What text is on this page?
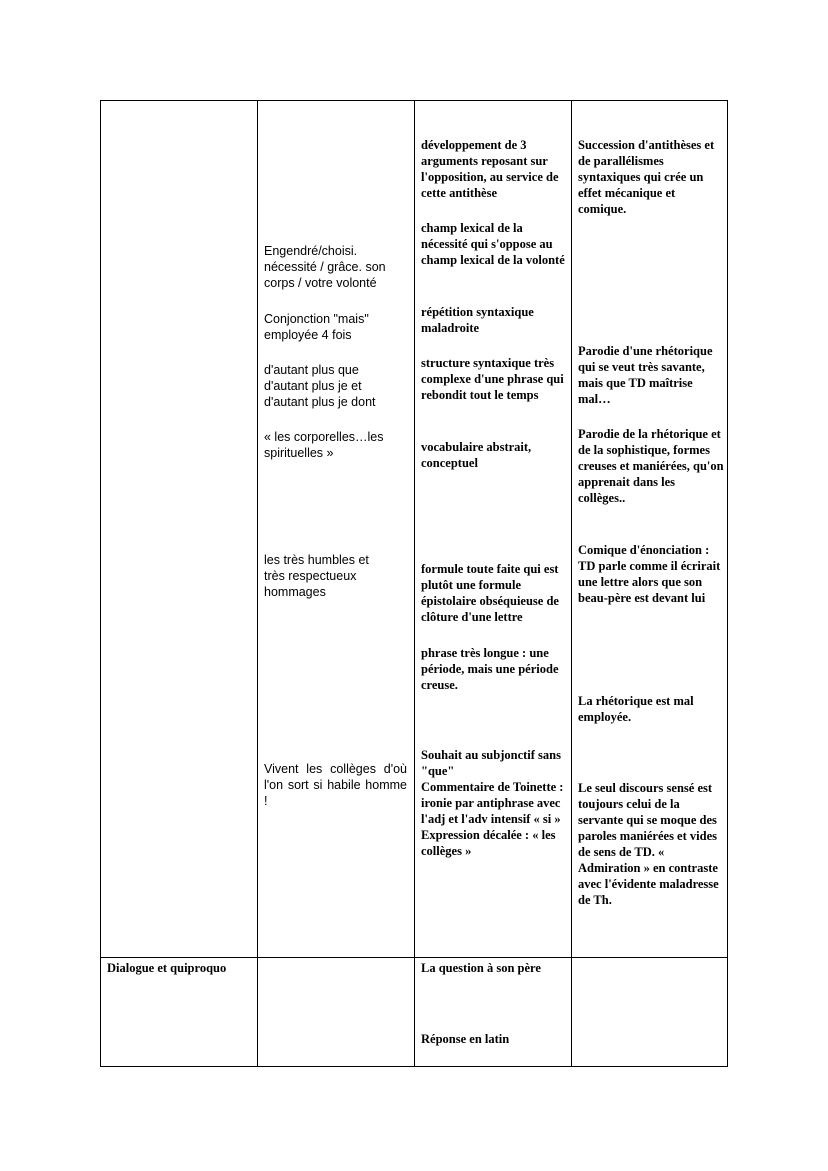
Engendré/choisi.
nécessité / grâce. son corps / votre volonté

Conjonction "mais" employée 4 fois

d'autant plus que
d'autant plus je et
d'autant plus je dont

« les corporelles…les spirituelles »

les très humbles et
très respectueux
hommages

Vivent les collèges d'où l'on sort si habile homme !

développement de 3 arguments reposant sur l'opposition, au service de cette antithèse

champ lexical de la nécessité qui s'oppose au champ lexical de la volonté

répétition syntaxique maladroite

structure syntaxique très complexe d'une phrase qui rebondit tout le temps

vocabulaire abstrait, conceptuel

formule toute faite qui est plutôt une formule épistolaire obséquieuse de clôture d'une lettre

phrase très longue : une période, mais une période creuse.

Souhait au subjonctif sans "que"
Commentaire de Toinette : ironie par antiphrase avec l'adj et l'adv intensif « si »
Expression décalée : « les collèges »

Succession d'antithèses et de parallélismes syntaxiques qui crée un effet mécanique et comique.

Parodie d'une rhétorique qui se veut très savante, mais que TD maîtrise mal…

Parodie de la rhétorique et de la sophistique, formes creuses et maniérées, qu'on apprenait dans les collèges..

Comique d'énonciation : TD parle comme il écrirait une lettre alors que son beau-père est devant lui

La rhétorique est mal employée.

Le seul discours sensé est toujours celui de la servante qui se moque des paroles maniérées et vides de sens de TD. « Admiration » en contraste avec l'évidente maladresse de Th.

Dialogue et quiproquo	La question à son père

Réponse en latin
